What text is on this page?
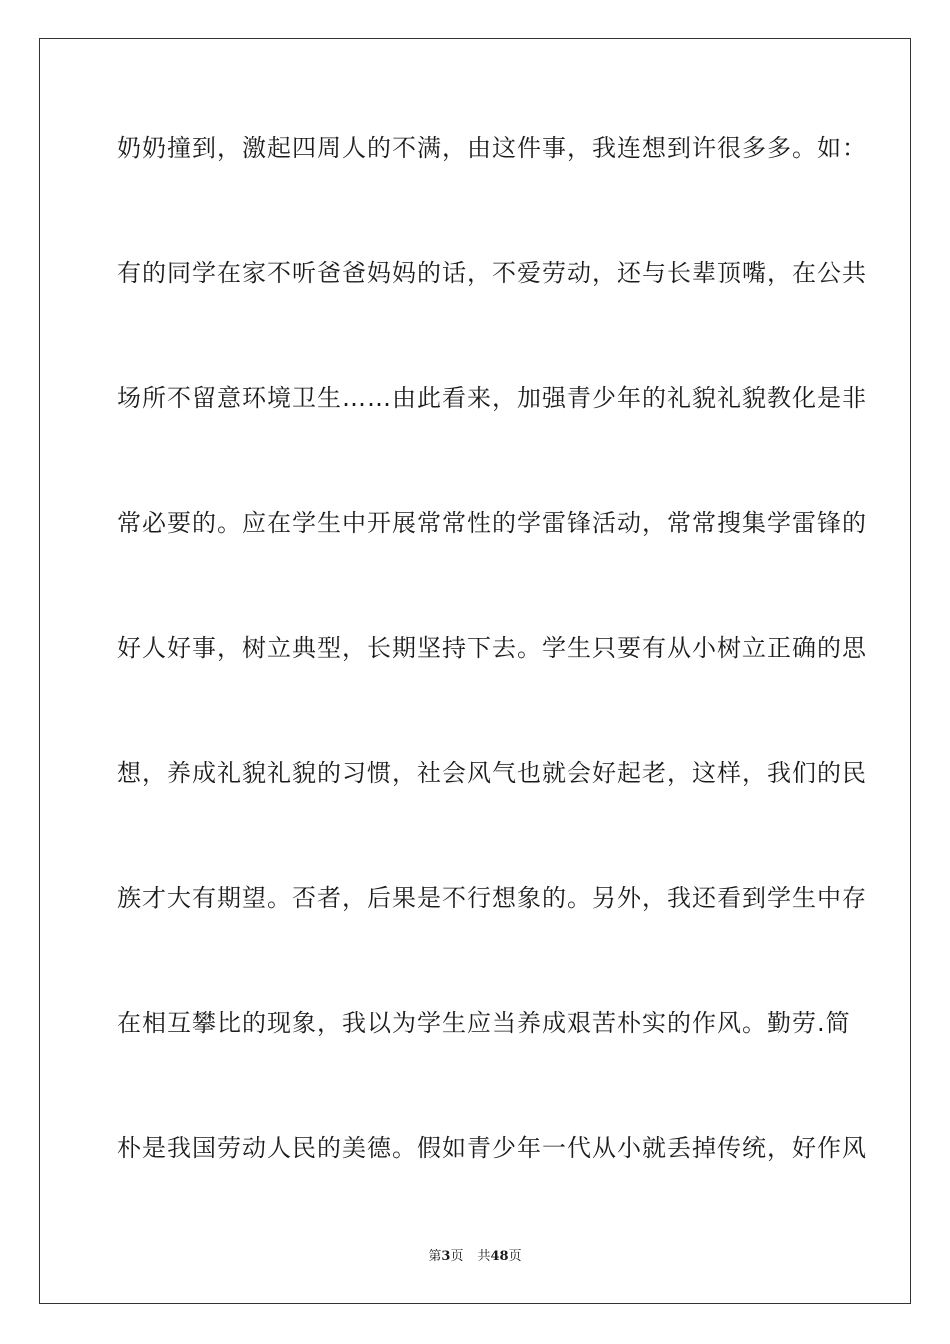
奶奶撞到，激起四周人的不满，由这件事，我连想到许很多多。如：
有的同学在家不听爸爸妈妈的话，不爱劳动，还与长辈顶嘴，在公共
场所不留意环境卫生……由此看来，加强青少年的礼貌礼貌教化是非
常必要的。应在学生中开展常常性的学雷锋活动，常常搜集学雷锋的
好人好事，树立典型，长期坚持下去。学生只要有从小树立正确的思
想，养成礼貌礼貌的习惯，社会风气也就会好起老，这样，我们的民
族才大有期望。否者，后果是不行想象的。另外，我还看到学生中存
在相互攀比的现象，我以为学生应当养成艰苦朴实的作风。勤劳.简
朴是我国劳动人民的美德。假如青少年一代从小就丢掉传统，好作风
第3页 共48页
